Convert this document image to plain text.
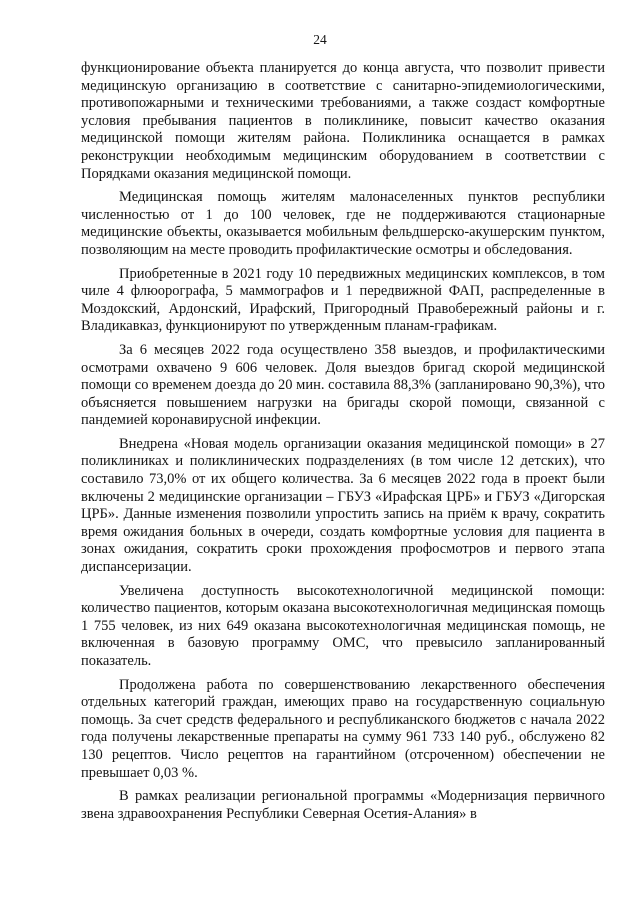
24

функционирование объекта планируется до конца августа, что позволит привести медицинскую организацию в соответствие с санитарно-эпидемиологическими, противопожарными и техническими требованиями, а также создаст комфортные условия пребывания пациентов в поликлинике, повысит качество оказания медицинской помощи жителям района. Поликлиника оснащается в рамках реконструкции необходимым медицинским оборудованием в соответствии с Порядками оказания медицинской помощи.

Медицинская помощь жителям малонаселенных пунктов республики численностью от 1 до 100 человек, где не поддерживаются стационарные медицинские объекты, оказывается мобильным фельдшерско-акушерским пунктом, позволяющим на месте проводить профилактические осмотры и обследования.

Приобретенные в 2021 году 10 передвижных медицинских комплексов, в том чиле 4 флюорографа, 5 маммографов и 1 передвижной ФАП, распределенные в Моздокский, Ардонский, Ирафский, Пригородный Правобережный районы и г. Владикавказ, функционируют по утвержденным планам-графикам.

За 6 месяцев 2022 года осуществлено 358 выездов, и профилактическими осмотрами охвачено 9 606 человек. Доля выездов бригад скорой медицинской помощи со временем доезда до 20 мин. составила 88,3% (запланировано 90,3%), что объясняется повышением нагрузки на бригады скорой помощи, связанной с пандемией коронавирусной инфекции.

Внедрена «Новая модель организации оказания медицинской помощи» в 27 поликлиниках и поликлинических подразделениях (в том числе 12 детских), что составило 73,0% от их общего количества. За 6 месяцев 2022 года в проект были включены 2 медицинские организации – ГБУЗ «Ирафская ЦРБ» и ГБУЗ «Дигорская ЦРБ». Данные изменения позволили упростить запись на приём к врачу, сократить время ожидания больных в очереди, создать комфортные условия для пациента в зонах ожидания, сократить сроки прохождения профосмотров и первого этапа диспансеризации.

Увеличена доступность высокотехнологичной медицинской помощи: количество пациентов, которым оказана высокотехнологичная медицинская помощь 1 755 человек, из них 649 оказана высокотехнологичная медицинская помощь, не включенная в базовую программу ОМС, что превысило запланированный показатель.

Продолжена работа по совершенствованию лекарственного обеспечения отдельных категорий граждан, имеющих право на государственную социальную помощь. За счет средств федерального и республиканского бюджетов с начала 2022 года получены лекарственные препараты на сумму 961 733 140 руб., обслужено 82 130 рецептов. Число рецептов на гарантийном (отсроченном) обеспечении не превышает 0,03 %.

В рамках реализации региональной программы «Модернизация первичного звена здравоохранения Республики Северная Осетия-Алания» в
